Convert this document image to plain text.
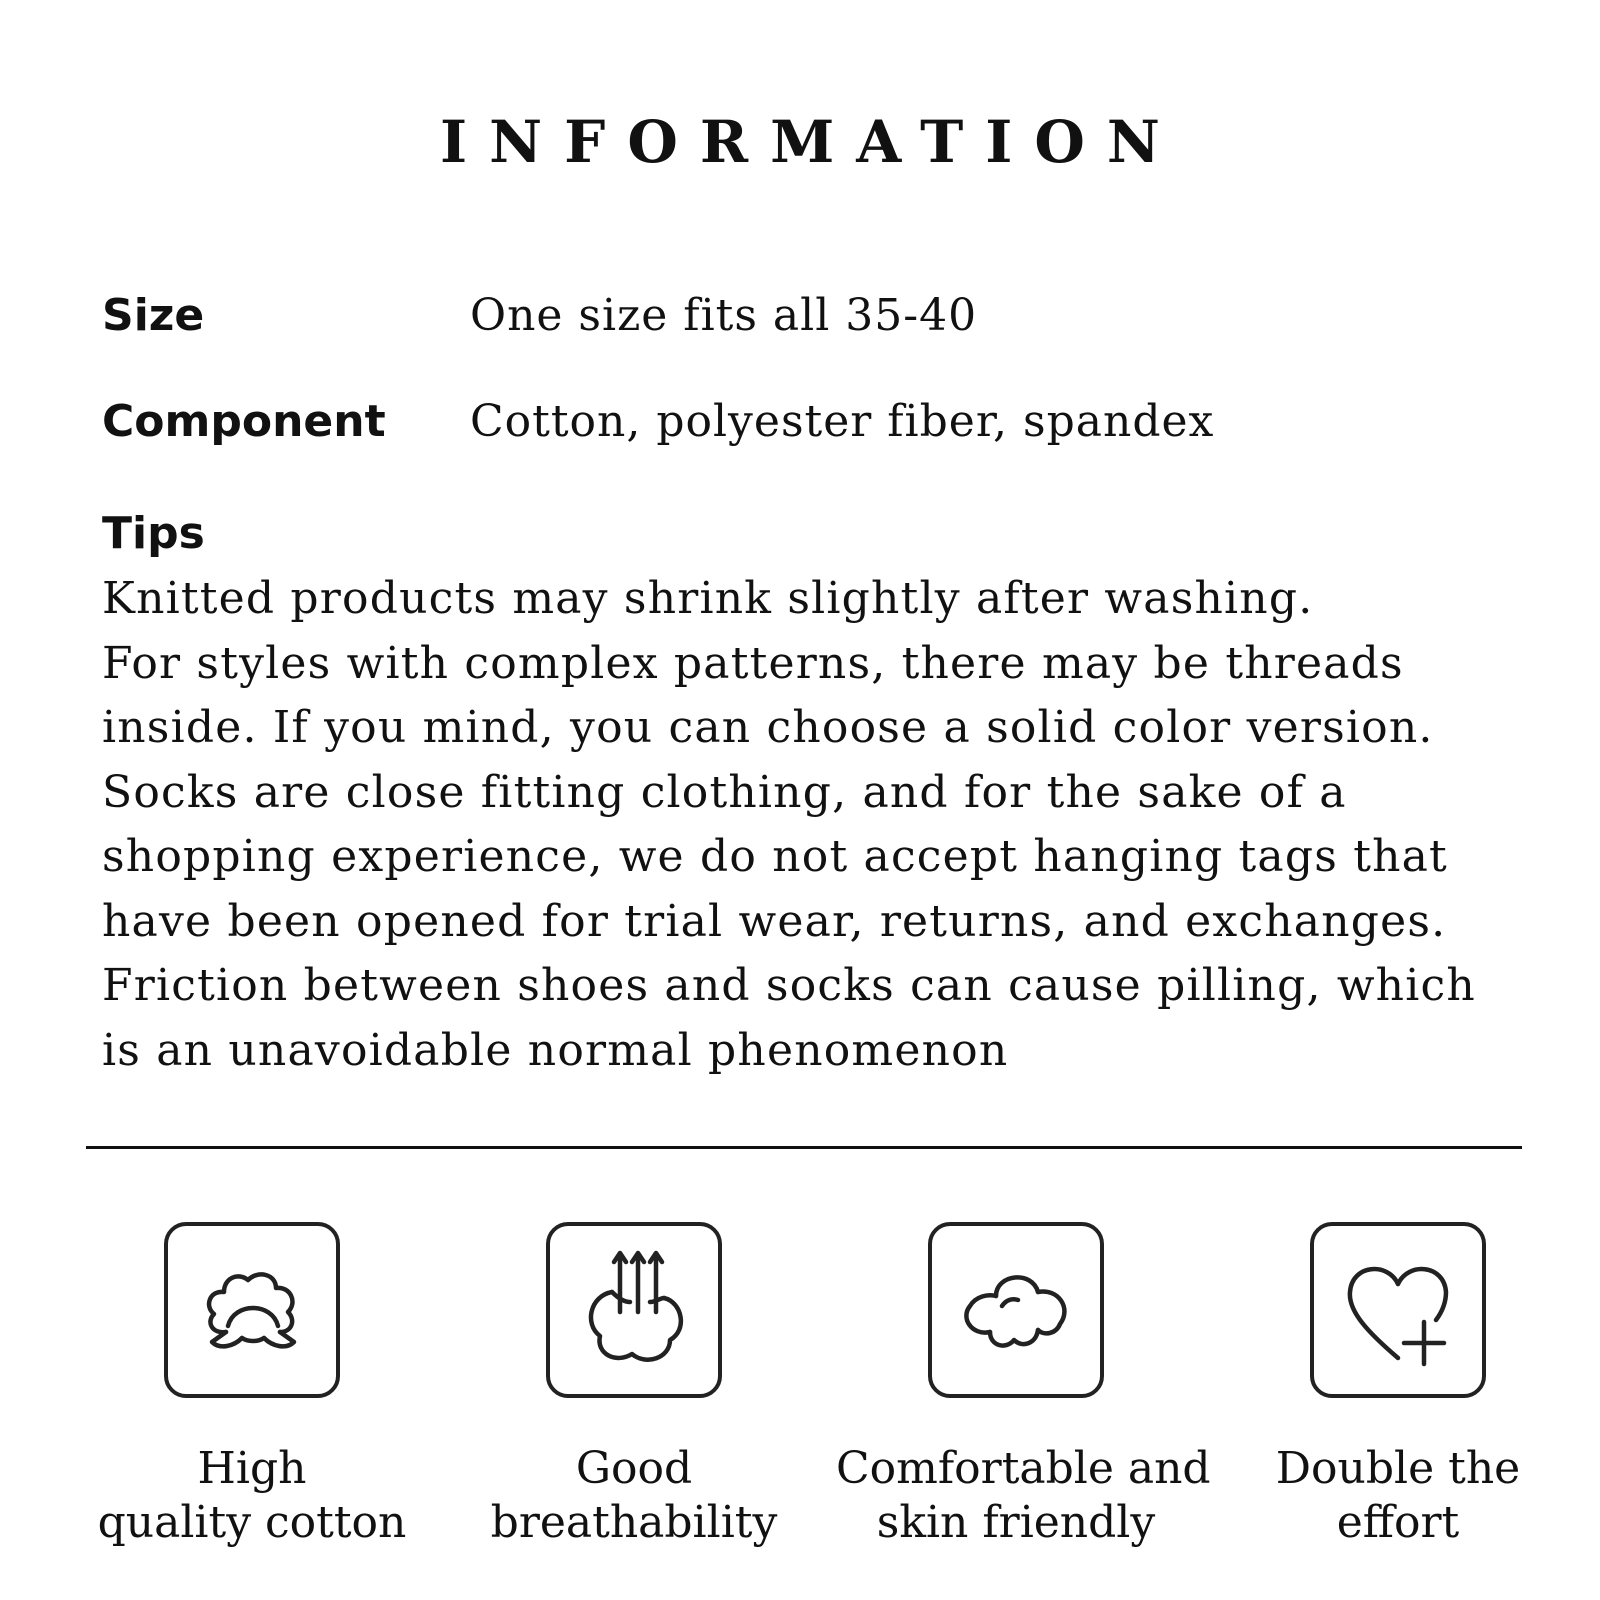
INFORMATION
Size	One size fits all 35-40
Component Cotton, polyester fiber, spandex
Tips
Knitted products may shrink slightly after washing.
For styles with complex patterns, there may be threads
inside. If you mind, you can choose a solid color version.
Socks are close fitting clothing, and for the sake of a
shopping experience, we do not accept hanging tags that
have been opened for trial wear, returns, and exchanges.
Friction between shoes and socks can cause pilling, which
is an unavoidable normal phenomenon
High
quality cotton
Good
breathability
Comfortable and
skin friendly
Double the
effort
